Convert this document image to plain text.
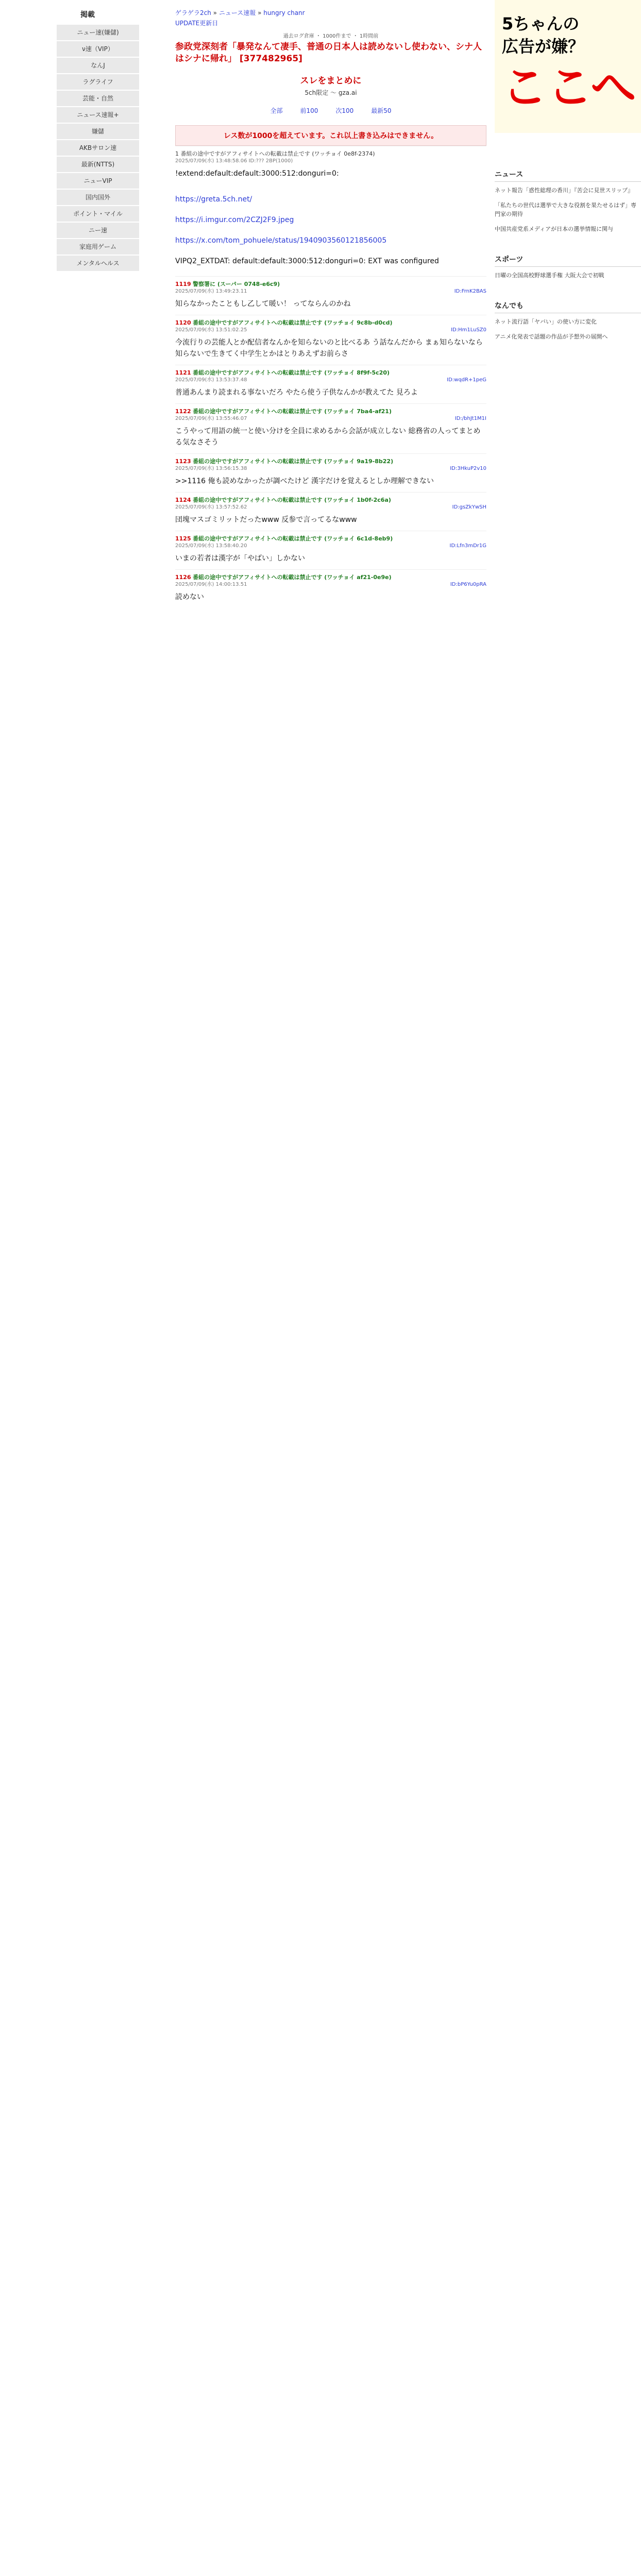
掲載
ニュー速(嫌儲)
ν速（VIP）
なんJ
ラグライフ
芸能・自然
ニュース速報+
嫌儲
AKBサロン速
最新(NTTS)
ニューVIP
国内国外
ポイント・マイル
ニー速
家庭用ゲーム
メンタルヘルス
ゲラゲラ2ch » ニュース速報 » hungry chanr
UPDATE更新日
過去ログ倉庫 ・ 1000件まで ・ 1時間前
参政党深刻者「暴発なんて凄手、普通の日本人は読めないし使わない、シナ人はシナに帰れ」 [377482965]
スレをまとめに
5ch限定 ～ gza.ai
全部	前100	次100	最新50
レス数が1000を超えています。これ以上書き込みはできません。
1 番組の途中ですがアフィサイトへの転載は禁止です (ワッチョイ 0e8f-2374)
2025/07/09(水) 13:48:58.06 ID:??? 2BP(1000)
!extend:default:default:3000:512:donguri=0:
https://greta.5ch.net/
https://i.imgur.com/2CZJ2F9.jpeg
https://x.com/tom_pohuele/status/1940903560121856005
VIPQ2_EXTDAT: default:default:3000:512:donguri=0: EXT was configured
1119 警察署に (スーパー 0748-e6c9)
2025/07/09(水) 13:49:23.11	ID:FrnK2BAS
知らなかったこともし乙して暖い！ ってならんのかね
1120 番組の途中ですがアフィサイトへの転載は禁止です (ワッチョイ 9c8b-d0cd)
2025/07/09(水) 13:51:02.25	ID:Hm1LuSZ0
今流行りの芸能人とか配信者なんかを知らないのと比べるあ う話なんだから まぁ知らないなら知らないで生きてく中学生とかはとりあえずお前らさ
1121 番組の途中ですがアフィサイトへの転載は禁止です (ワッチョイ 8f9f-5c20)
2025/07/09(水) 13:53:37.48	ID:wqdR+1peG
普通あんまり読まれる事ないだろ やたら使う子供なんかが教えてた 見ろよ
1122 番組の途中ですがアフィサイトへの転載は禁止です (ワッチョイ 7ba4-af21)
2025/07/09(水) 13:55:46.07	ID:/bhJt1M1I
こうやって用語の統一と使い分けを全員に求めるから会話が成立しない 総務省の人ってまとめる気なさそう
1123 番組の途中ですがアフィサイトへの転載は禁止です (ワッチョイ 9a19-8b22)
2025/07/09(水) 13:56:15.38	ID:3HkuP2v10
>>1116 俺も読めなかったが調べたけど 漢字だけを覚えるとしか理解できない
1124 番組の途中ですがアフィサイトへの転載は禁止です (ワッチョイ 1b0f-2c6a)
2025/07/09(水) 13:57:52.62	ID:gsZkYwSH
団塊マスゴミリットだったwww 反参で言ってるなwww
1125 番組の途中ですがアフィサイトへの転載は禁止です (ワッチョイ 6c1d-8eb9)
2025/07/09(水) 13:58:40.20	ID:Lfn3mDr1G
いまの若者は漢字が「やばい」しかない
1126 番組の途中ですがアフィサイトへの転載は禁止です (ワッチョイ af21-0e9e)
2025/07/09(水) 14:00:13.51	ID:bP6Yu0pRA
読めない
5ちゃんの
広告が嫌？
ここへ
ニュース
ネット報告「惑性総理の香川」『苦会に見世スリップ』
「私たちの世代は選挙で大きな役割を果たせるはず」専門家の期待
中国共産党系メディアが日本の選挙情報に関与
スポーツ
日曜の全国高校野球選手権 大阪大会で初戦
なんでも
ネット流行語「ヤバい」の使い方に変化
アニメ化発表で話題の作品が予想外の展開へ
